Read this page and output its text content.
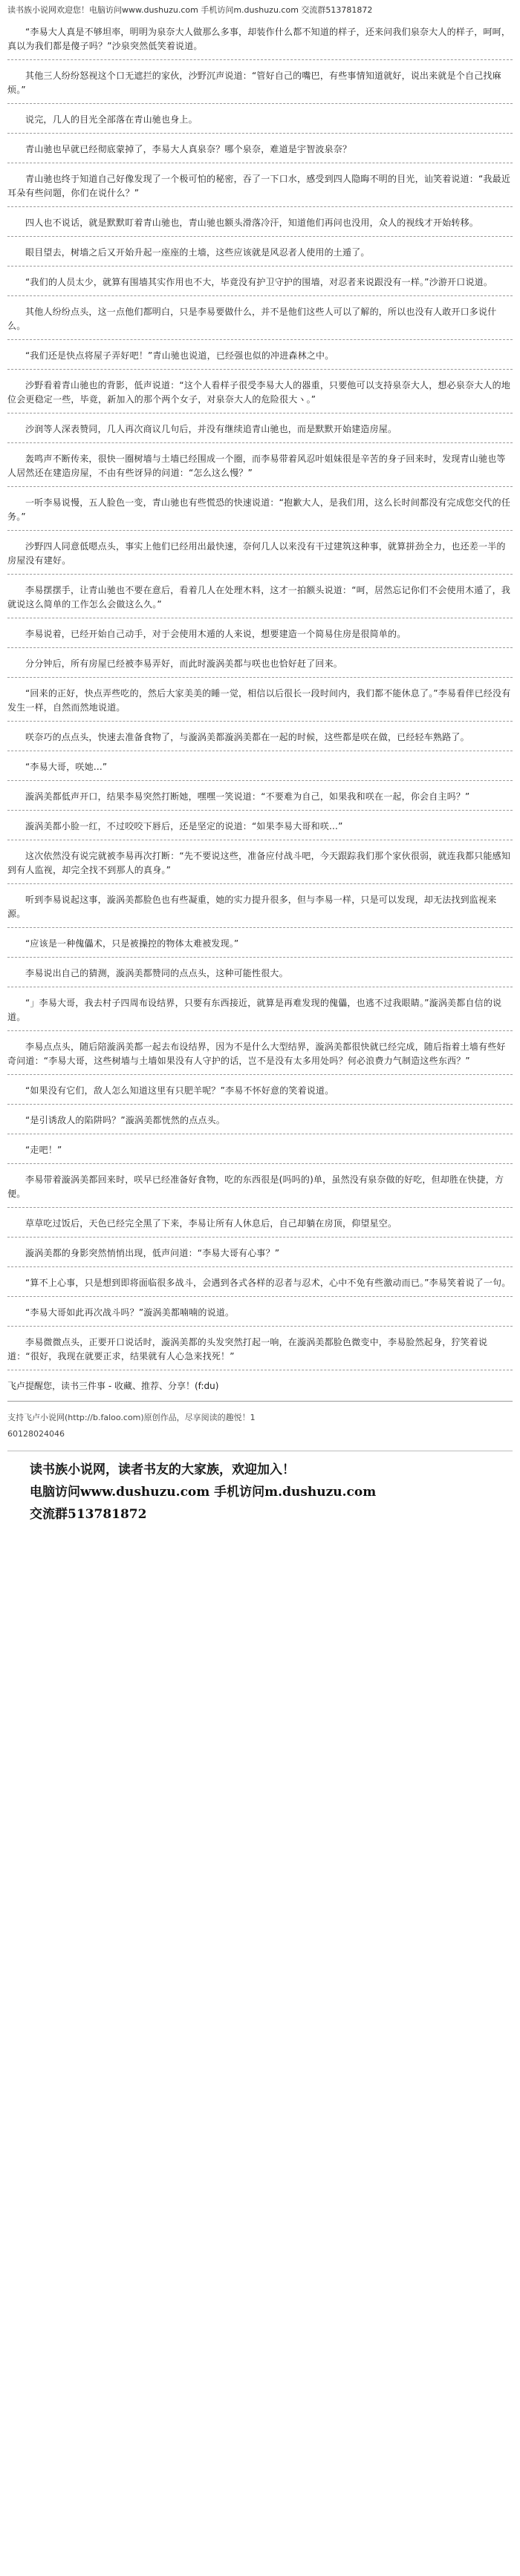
读书族小说网欢迎您！电脑访问www.dushuzu.com 手机访问m.dushuzu.com 交流群513781872

“李易大人真是不够坦率，明明为泉奈大人做那么多事，却装作什么都不知道的样子，还来问我们泉奈大人的样子，呵呵，真以为我们都是傻子吗？”沙泉突然低笑着说道。

其他三人纷纷怒视这个口无遮拦的家伙，沙野沉声说道：“管好自己的嘴巴，有些事情知道就好，说出来就是个自己找麻烦。”

说完，几人的目光全部落在青山驰也身上。

青山驰也早就已经彻底蒙掉了，李易大人真泉奈？哪个泉奈，难道是宇智波泉奈？

青山驰也终于知道自己好像发现了一个极可怕的秘密，吞了一下口水，感受到四人隐晦不明的目光，讪笑着说道：“我最近耳朵有些问题，你们在说什么？”

四人也不说话，就是默默盯着青山驰也，青山驰也额头滑落冷汗，知道他们再问也没用，众人的视线才开始转移。

眼目望去，树墙之后又开始升起一座座的土墙，这些应该就是风忍者人使用的土遁了。

“我们的人员太少，就算有围墙其实作用也不大，毕竟没有护卫守护的围墙，对忍者来说跟没有一样。”沙游开口说道。

其他人纷纷点头，这一点他们都明白，只是李易要做什么，并不是他们这些人可以了解的，所以也没有人敢开口多说什么。

“我们还是快点将屋子弄好吧！”青山驰也说道，已经强也似的冲进森林之中。

沙野看着青山驰也的背影，低声说道：“这个人看样子很受李易大人的器重，只要他可以支持泉奈大人，想必泉奈大人的地位会更稳定一些，毕竟，新加入的那个两个女子，对泉奈大人的危险很大ヽ。”

沙润等人深表赞同，几人再次商议几句后，并没有继续追青山驰也，而是默默开始建造房屋。

轰鸣声不断传来，很快一圈树墙与土墙已经围成一个圈，而李易带着风忍叶姐妹很是辛苦的身子回来时，发现青山驰也等人居然还在建造房屋，不由有些讶异的问道：“怎么这么慢？”

一听李易说慢，五人脸色一变，青山驰也有些慌恐的快速说道：“抱歉大人，是我们用，这么长时间都没有完成您交代的任务。”

沙野四人同意低嗯点头，事实上他们已经用出最快速，奈何几人以来没有干过建筑这种事，就算拼劲全力，也还差一半的房屋没有建好。

李易摆摆手，让青山驰也不要在意后，看着几人在处理木料，这才一拍额头说道：“呵，居然忘记你们不会使用木遁了，我就说这么简单的工作怎么会做这么久。”

李易说着，已经开始自己动手，对于会使用木遁的人来说，想要建造一个简易住房是很简单的。

分分钟后，所有房屋已经被李易弄好，而此时漩涡美都与咲也也恰好赶了回来。

“回来的正好，快点弄些吃的，然后大家美美的睡一觉，相信以后很长一段时间内，我们都不能休息了。”李易看伴已经没有发生一样，自然而然地说道。

咲奈巧的点点头，快速去准备食物了，与漩涡美都漩涡美都在一起的时候，这些都是咲在做，已经轻车熟路了。

“李易大哥，咲她...”

漩涡美都低声开口，结果李易突然打断她，嘿嘿一笑说道：“不要难为自己，如果我和咲在一起，你会自主吗？”

漩涡美都小脸一红，不过咬咬下唇后，还是坚定的说道：“如果李易大哥和咲...”

这次依然没有说完就被李易再次打断：“先不要说这些，准备应付战斗吧，今天跟踪我们那个家伙很弱，就连我都只能感知到有人监视，却完全找不到那人的真身。”

听到李易说起这事，漩涡美都脸色也有些凝重，她的实力提升很多，但与李易一样，只是可以发现，却无法找到监视来源。

“应该是一种傀儡术，只是被操控的物体太难被发现。”

李易说出自己的猜测，漩涡美都赞同的点点头，这种可能性很大。

“」李易大哥，我去村子四周布设结界，只要有东西接近，就算是再难发现的傀儡，也逃不过我眼睛。”漩涡美都自信的说道。

李易点点头，随后陪漩涡美都一起去布设结界，因为不是什么大型结界，漩涡美都很快就已经完成，随后指着土墙有些好奇问道：“李易大哥，这些树墙与土墙如果没有人守护的话，岂不是没有太多用处吗？何必浪费力气制造这些东西？”

“如果没有它们，敌人怎么知道这里有只肥羊呢？”李易不怀好意的笑着说道。

“是引诱敌人的陷阱吗？”漩涡美都恍然的点点头。

“走吧！”

李易带着漩涡美都回来时，咲早已经准备好食物，吃的东西很是(吗吗的)单，虽然没有泉奈做的好吃，但却胜在快捷，方便。

草草吃过饭后，天色已经完全黑了下来，李易让所有人休息后，自己却躺在房顶，仰望星空。

漩涡美都的身影突然悄悄出现，低声问道：“李易大哥有心事？”

“算不上心事，只是想到即将面临很多战斗，会遇到各式各样的忍者与忍术，心中不免有些激动而已。”李易笑着说了一句。

“李易大哥如此再次战斗吗？”漩涡美都喃喃的说道。

李易微微点头，正要开口说话时，漩涡美都的头发突然打起一响，在漩涡美都脸色微变中，李易脸然起身，狞笑着说道：“很好，我现在就要正求，结果就有人心急来找死！”

飞卢提醒您，读书三件事 - 收藏、推荐、分享！(f:du)
支持飞卢小说网(http://b.faloo.com)原创作品，尽享阅读的趣悦！1
60128024046

读书族小说网，读者书友的大家族，欢迎加入！

电脑访问www.dushuzu.com 手机访问m.dushuzu.com

交流群513781872
